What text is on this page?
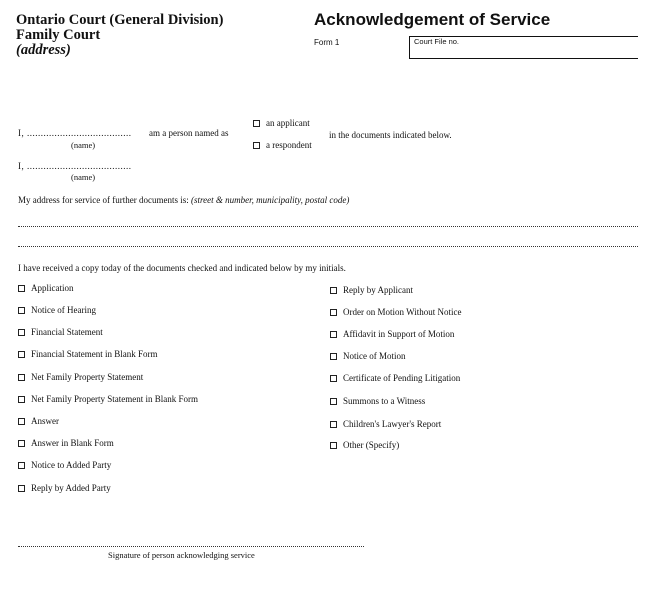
Ontario Court (General Division)
Family Court
(address)
Acknowledgement of Service
Form 1	Court File no.
I, ...................................... am a person named as
an applicant
a respondent
in the documents indicated below.
(name)
I, ......................................
(name)
My address for service of further documents is: (street & number, municipality, postal code)
I have received a copy today of the documents checked and indicated below by my initials.
Application
Notice of Hearing
Financial Statement
Financial Statement in Blank Form
Net Family Property Statement
Net Family Property Statement in Blank Form
Answer
Answer in Blank Form
Notice to Added Party
Reply by Added Party
Reply by Applicant
Order on Motion Without Notice
Affidavit in Support of Motion
Notice of Motion
Certificate of Pending Litigation
Summons to a Witness
Children's Lawyer's Report
Other (Specify)
Signature of person acknowledging service
